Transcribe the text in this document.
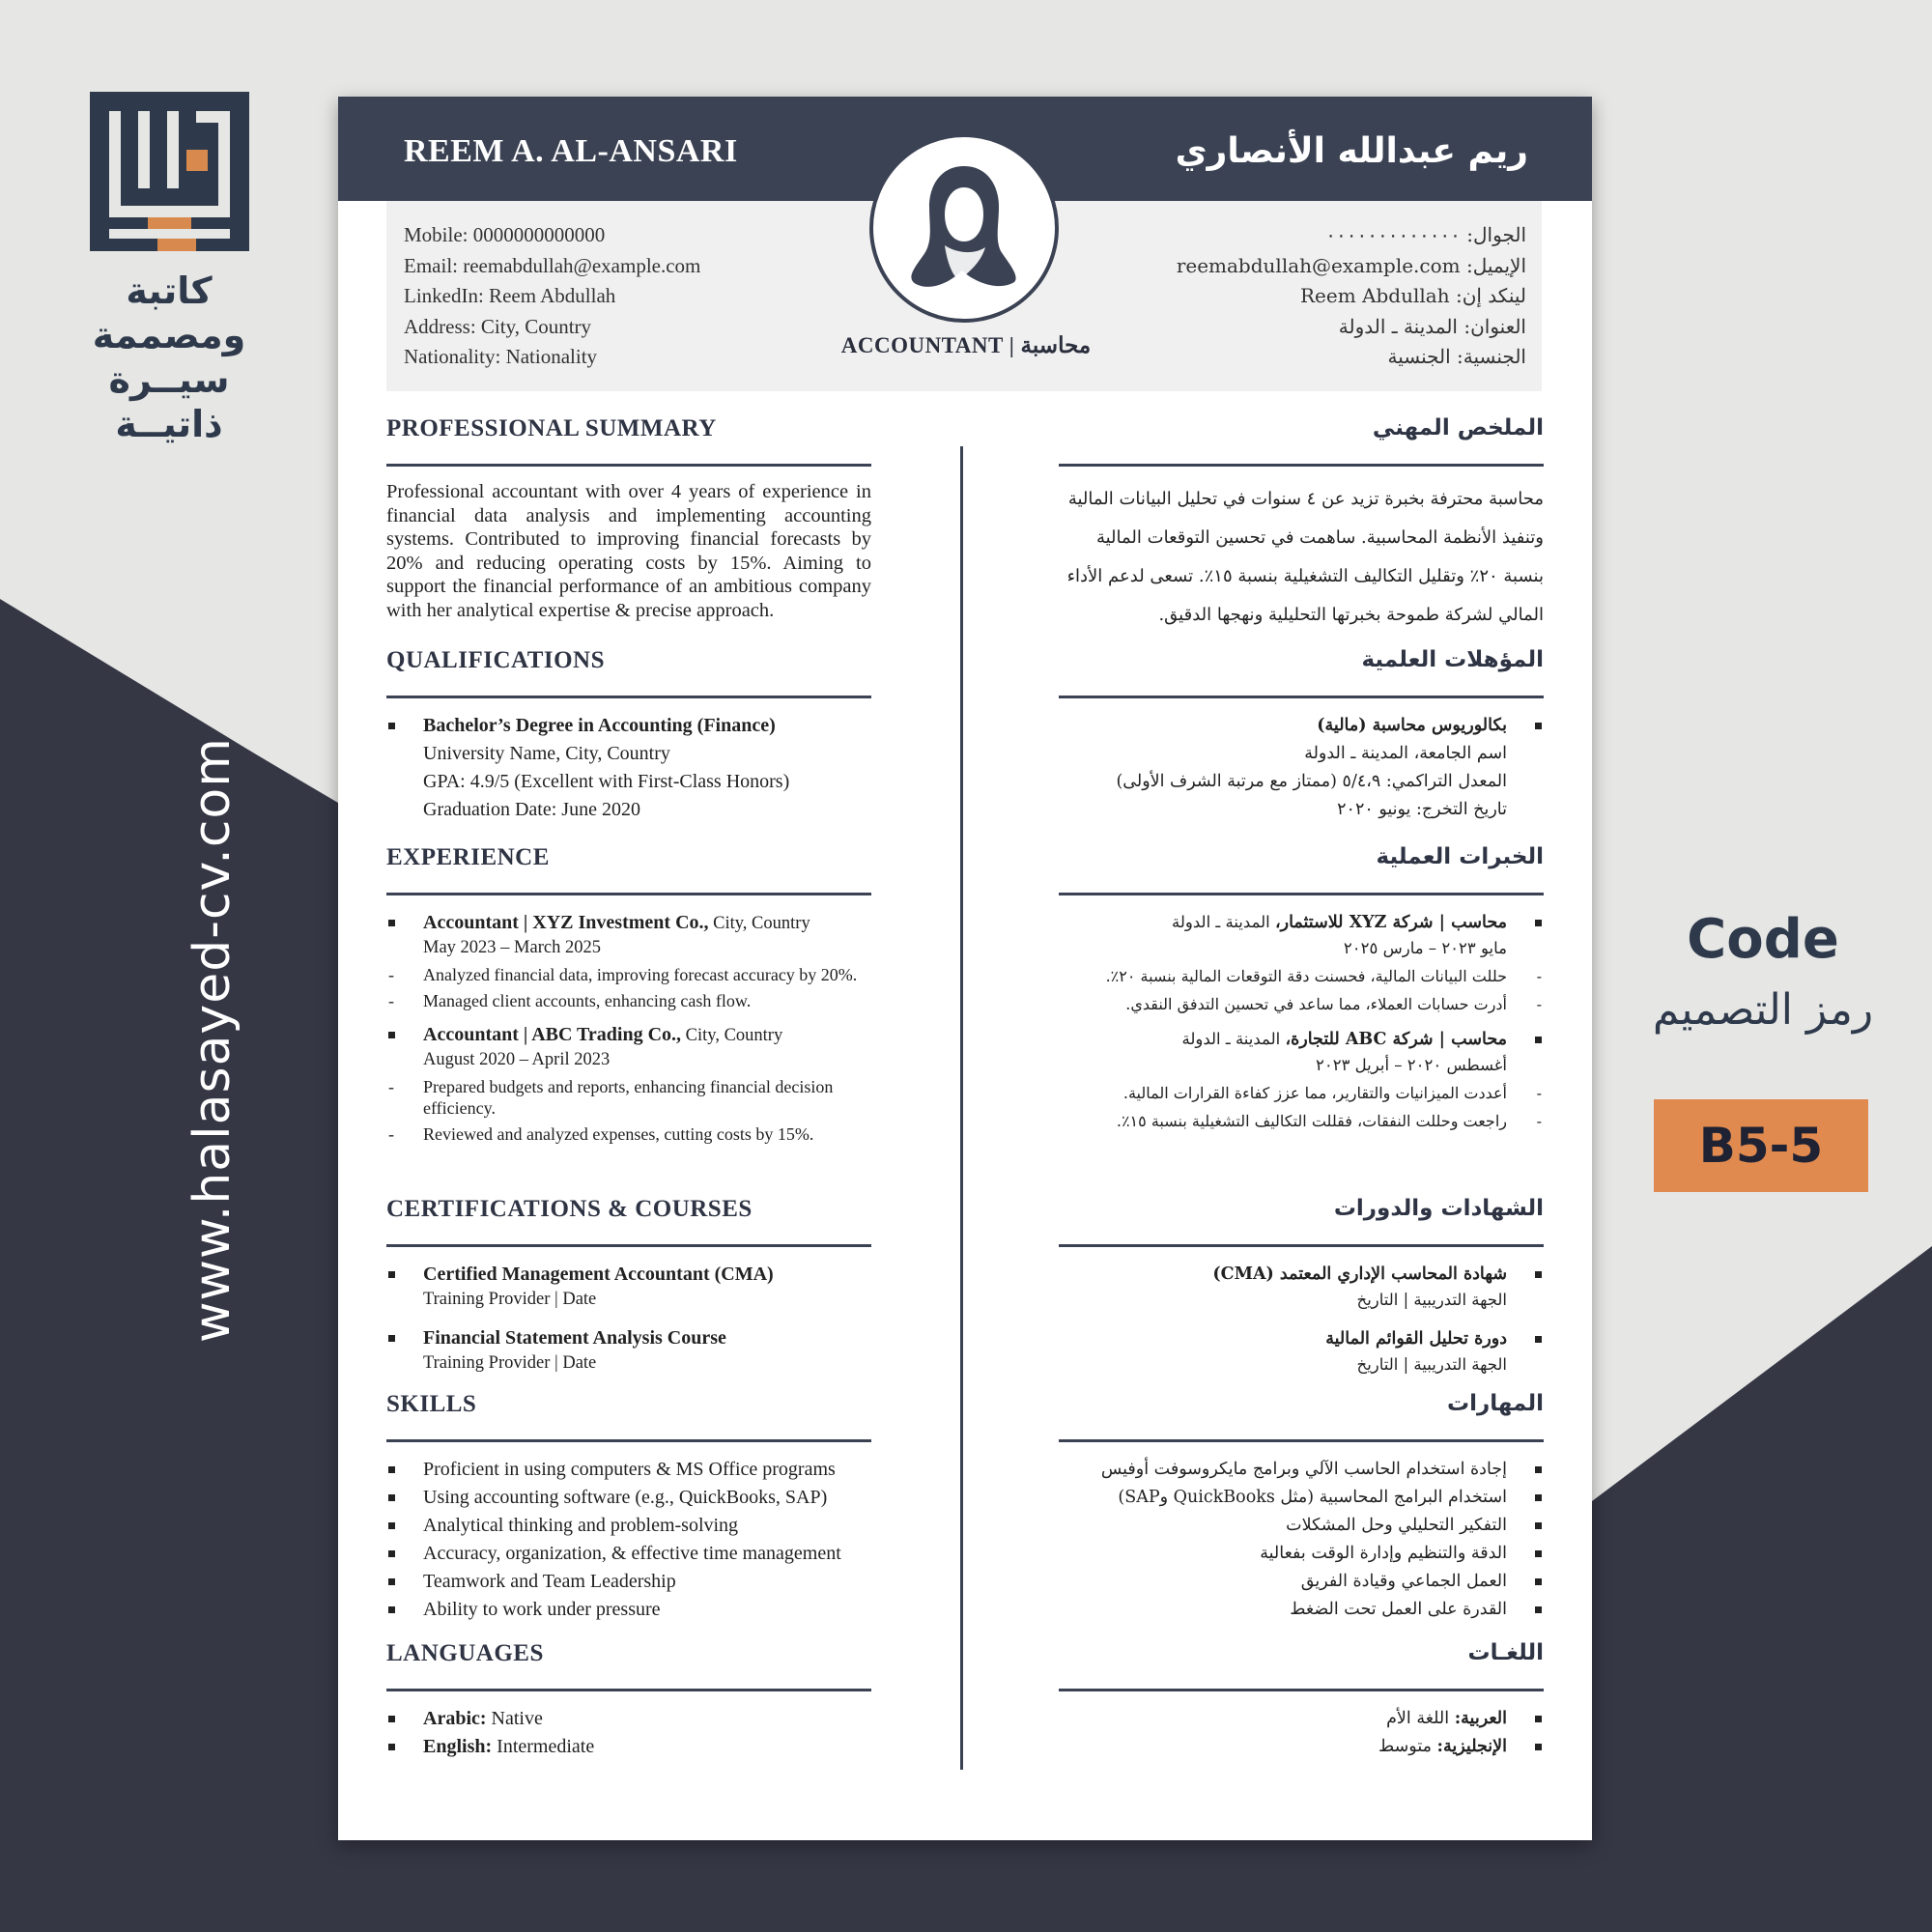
كاتبة ومصممة
سيــرة ذاتيــة
www.halasayed-cv.com	Code
رمز التصميم
B5-5
REEM A. AL-ANSARI	ريم عبدالله الأنصاري
Mobile: 0000000000000
Email: reemabdullah@example.com
LinkedIn: Reem Abdullah
Address: City, Country
Nationality: Nationality
الجوال: ٠٠٠٠٠٠٠٠٠٠٠٠٠
الإيميل: reemabdullah@example.com
لينكد إن: Reem Abdullah
العنوان: المدينة ـ الدولة
الجنسية: الجنسية
ACCOUNTANT | محاسبة
PROFESSIONAL SUMMARY
Professional accountant with over 4 years of experience in financial data analysis and implementing accounting systems. Contributed to improving financial forecasts by 20% and reducing operating costs by 15%. Aiming to support the financial performance of an ambitious company with her analytical expertise & precise approach.
QUALIFICATIONS
Bachelor’s Degree in Accounting (Finance)
University Name, City, Country
GPA: 4.9/5 (Excellent with First-Class Honors)
Graduation Date: June 2020
EXPERIENCE
Accountant | XYZ Investment Co., City, Country
May 2023 – March 2025
- Analyzed financial data, improving forecast accuracy by 20%.
- Managed client accounts, enhancing cash flow.
Accountant | ABC Trading Co., City, Country
August 2020 – April 2023
- Prepared budgets and reports, enhancing financial decision efficiency.
- Reviewed and analyzed expenses, cutting costs by 15%.
CERTIFICATIONS & COURSES
Certified Management Accountant (CMA)
Training Provider | Date
Financial Statement Analysis Course
Training Provider | Date
SKILLS
Proficient in using computers & MS Office programs
Using accounting software (e.g., QuickBooks, SAP)
Analytical thinking and problem-solving
Accuracy, organization, & effective time management
Teamwork and Team Leadership
Ability to work under pressure
LANGUAGES
Arabic: Native
English: Intermediate
الملخص المهني
محاسبة محترفة بخبرة تزيد عن ٤ سنوات في تحليل البيانات المالية وتنفيذ الأنظمة المحاسبية. ساهمت في تحسين التوقعات المالية بنسبة ٢٠٪ وتقليل التكاليف التشغيلية بنسبة ١٥٪. تسعى لدعم الأداء المالي لشركة طموحة بخبرتها التحليلية ونهجها الدقيق.
المؤهلات العلمية
بكالوريوس محاسبة (مالية)
اسم الجامعة، المدينة ـ الدولة
المعدل التراكمي: ٥/٤،٩ (ممتاز مع مرتبة الشرف الأولى)
تاريخ التخرج: يونيو ٢٠٢٠
الخبرات العملية
محاسب | شركة XYZ للاستثمار، المدينة ـ الدولة
مايو ٢٠٢٣ – مارس ٢٠٢٥
- حللت البيانات المالية، فحسنت دقة التوقعات المالية بنسبة ٢٠٪.
- أدرت حسابات العملاء، مما ساعد في تحسين التدفق النقدي.
محاسب | شركة ABC للتجارة، المدينة ـ الدولة
أغسطس ٢٠٢٠ – أبريل ٢٠٢٣
- أعددت الميزانيات والتقارير، مما عزز كفاءة القرارات المالية.
- راجعت وحللت النفقات، فقللت التكاليف التشغيلية بنسبة ١٥٪.
الشهادات والدورات
شهادة المحاسب الإداري المعتمد (CMA)
الجهة التدريبية | التاريخ
دورة تحليل القوائم المالية
الجهة التدريبية | التاريخ
المهارات
إجادة استخدام الحاسب الآلي وبرامج مايكروسوفت أوفيس
استخدام البرامج المحاسبية (مثل QuickBooks وSAP)
التفكير التحليلي وحل المشكلات
الدقة والتنظيم وإدارة الوقت بفعالية
العمل الجماعي وقيادة الفريق
القدرة على العمل تحت الضغط
اللغـات
العربية: اللغة الأم
الإنجليزية: متوسط
